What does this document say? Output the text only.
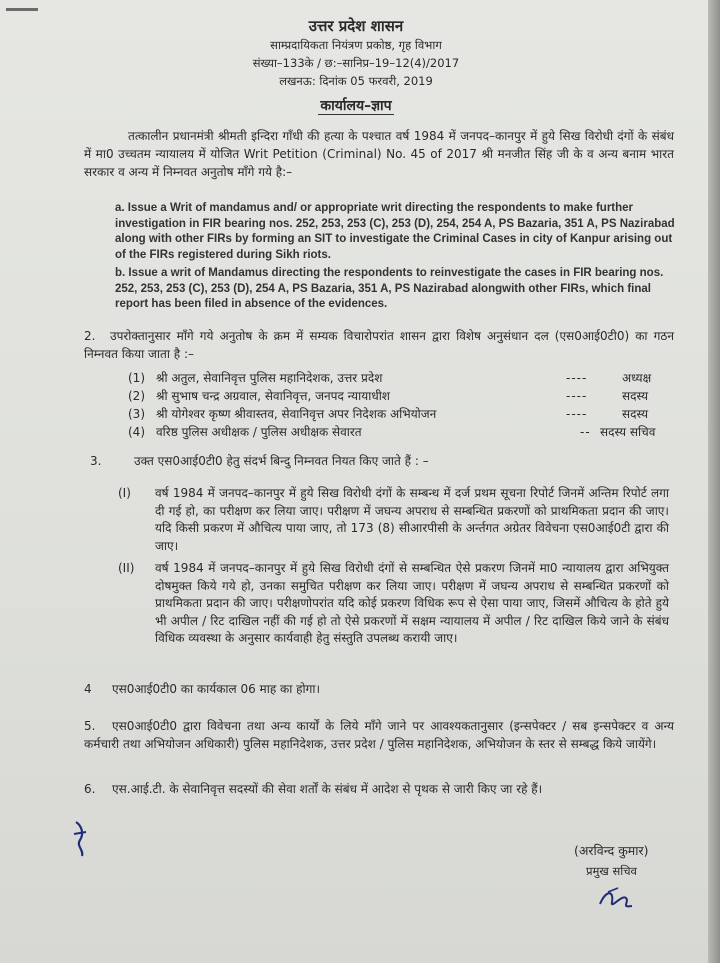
उत्तर प्रदेश शासन
साम्प्रदायिकता नियंत्रण प्रकोष्ठ, गृह विभाग
संख्या–133के / छ:–सानिप्र–19–12(4)/2017
लखनऊ: दिनांक 05 फरवरी, 2019
कार्यालय–ज्ञाप
तत्कालीन प्रधानमंत्री श्रीमती इन्दिरा गाँधी की हत्या के पश्चात वर्ष 1984 में जनपद–कानपुर में हुये सिख विरोधी दंगों के संबंध में मा0 उच्चतम न्यायालय में योजित Writ Petition (Criminal) No. 45 of 2017 श्री मनजीत सिंह जी के व अन्य बनाम भारत सरकार व अन्य में निम्नवत अनुतोष माँगे गये है:–
a. Issue a Writ of mandamus and/ or appropriate writ directing the respondents to make further investigation in FIR bearing nos. 252, 253, 253 (C), 253 (D), 254, 254 A, PS Bazaria, 351 A, PS Nazirabad along with other FIRs by forming an SIT to investigate the Criminal Cases in city of Kanpur arising out of the FIRs registered during Sikh riots.
b. Issue a writ of Mandamus directing the respondents to reinvestigate the cases in FIR bearing nos. 252, 253, 253 (C), 253 (D), 254 A, PS Bazaria, 351 A, PS Nazirabad alongwith other FIRs, which final report has been filed in absence of the evidences.
2. उपरोक्तानुसार माँगे गये अनुतोष के क्रम में सम्यक विचारोपरांत शासन द्वारा विशेष अनुसंधान दल (एस0आई0टी0) का गठन निम्नवत किया जाता है :–
(1) श्री अतुल, सेवानिवृत्त पुलिस महानिदेशक, उत्तर प्रदेश	----	अध्यक्ष
(2) श्री सुभाष चन्द्र अग्रवाल, सेवानिवृत्त, जनपद न्यायाधीश	----	सदस्य
(3) श्री योगेश्वर कृष्ण श्रीवास्तव, सेवानिवृत्त अपर निदेशक अभियोजन	----	सदस्य
(4) वरिष्ठ पुलिस अधीक्षक / पुलिस अधीक्षक सेवारत	-- सदस्य सचिव
3.	उक्त एस0आई0टी0 हेतु संदर्भ बिन्दु निम्नवत नियत किए जाते हैं : –
(I) वर्ष 1984 में जनपद–कानपुर में हुये सिख विरोधी दंगों के सम्बन्ध में दर्ज प्रथम सूचना रिपोर्ट जिनमें अन्तिम रिपोर्ट लगा दी गई हो, का परीक्षण कर लिया जाए। परीक्षण में जघन्य अपराध से सम्बन्धित प्रकरणों को प्राथमिकता प्रदान की जाए। यदि किसी प्रकरण में औचित्य पाया जाए, तो 173 (8) सीआरपीसी के अर्न्तगत अग्रेतर विवेचना एस0आई0टी द्वारा की जाए।
(II) वर्ष 1984 में जनपद–कानपुर में हुये सिख विरोधी दंगों से सम्बन्धित ऐसे प्रकरण जिनमें मा0 न्यायालय द्वारा अभियुक्त दोषमुक्त किये गये हो, उनका समुचित परीक्षण कर लिया जाए। परीक्षण में जघन्य अपराध से सम्बन्धित प्रकरणों को प्राथमिकता प्रदान की जाए। परीक्षणोपरांत यदि कोई प्रकरण विधिक रूप से ऐसा पाया जाए, जिसमें औचित्य के होते हुये भी अपील / रिट दाखिल नहीं की गई हो तो ऐसे प्रकरणों में सक्षम न्यायालय में अपील / रिट दाखिल किये जाने के संबंध विधिक व्यवस्था के अनुसार कार्यवाही हेतु संस्तुति उपलब्ध करायी जाए।
4 एस0आई0टी0 का कार्यकाल 06 माह का होगा।
5. एस0आई0टी0 द्वारा विवेचना तथा अन्य कार्यों के लिये माँगे जाने पर आवश्यकतानुसार (इन्सपेक्टर / सब इन्सपेक्टर व अन्य कर्मचारी तथा अभियोजन अधिकारी) पुलिस महानिदेशक, उत्तर प्रदेश / पुलिस महानिदेशक, अभियोजन के स्तर से सम्बद्ध किये जायेंगे।
6. एस.आई.टी. के सेवानिवृत्त सदस्यों की सेवा शर्तों के संबंध में आदेश से पृथक से जारी किए जा रहे हैं।
(अरविन्द कुमार)
प्रमुख सचिव
